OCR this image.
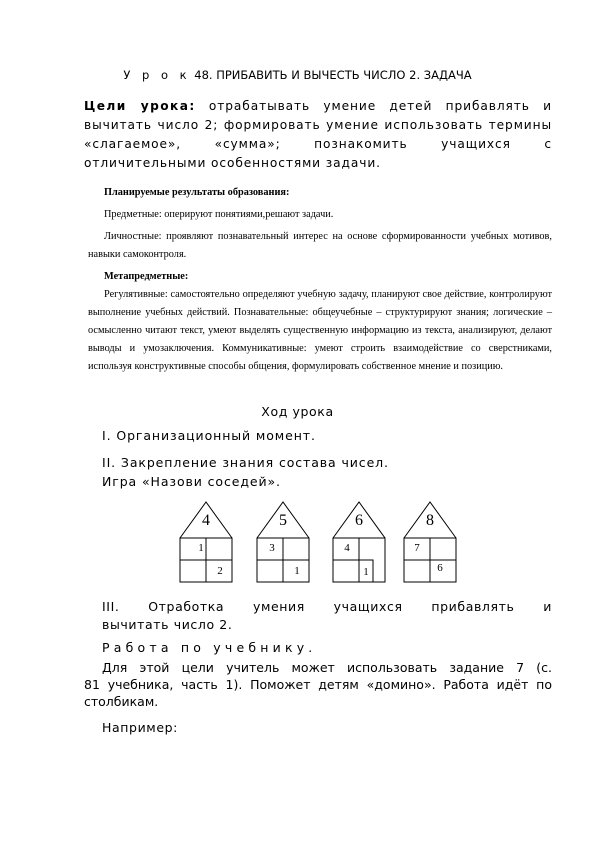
У р о к 48. ПРИБАВИТЬ И ВЫЧЕСТЬ ЧИСЛО 2. ЗАДАЧА
Цели урока: отрабатывать умение детей прибавлять и вычитать число 2; формировать умение использовать термины «слагаемое», «сумма»; познакомить учащихся с отличительными особенностями задачи.

Планируемые результаты образования:

Предметные: оперируют понятиями,решают задачи.

Личностные: проявляют познавательный интерес на основе сформированности учебных мотивов, навыки самоконтроля.

Метапредметные:

Регулятивные: самостоятельно определяют учебную задачу, планируют свое действие, контролируют выполнение учебных действий. Познавательные: общеучебные – структурируют знания; логические – осмысленно читают текст, умеют выделять существенную информацию из текста, анализируют, делают выводы и умозаключения. Коммуникативные: умеют строить взаимодействие со сверстниками, используя конструктивные способы общения, формулировать собственное мнение и позицию.

Ход урока
I. Организационный момент.
II. Закрепление знания состава чисел.
Игра «Назови соседей».
4
1
2
5
3
1
6
4
1
8
7
6
III. Отработка умения учащихся прибавлять и
вычитать число 2.
Работа по учебнику.
Для этой цели учитель может использовать задание 7 (с.
81 учебника, часть 1). Поможет детям «домино». Работа идёт по столбикам.
Например:
